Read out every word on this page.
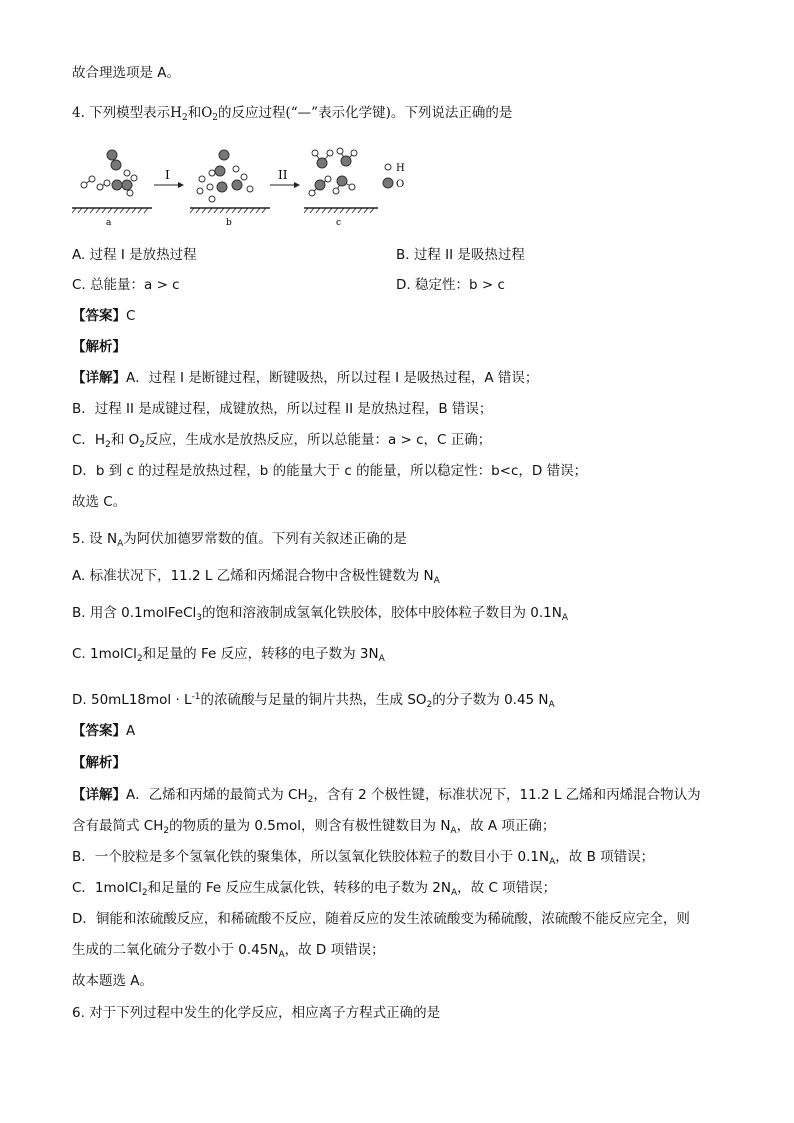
故合理选项是 A。
4. 下列模型表示$H_2$和$O_2$的反应过程(“—”表示化学键)。下列说法正确的是
a
I
b
II
c
H
O
A. 过程 I 是放热过程	B. 过程 II 是吸热过程
C. 总能量：a > c	D. 稳定性：b > c
【答案】C
【解析】
【详解】A．过程 I 是断键过程，断键吸热，所以过程 I 是吸热过程，A 错误；
B．过程 II 是成键过程，成键放热，所以过程 II 是放热过程，B 错误；
C．$H_2$和 $O_2$反应，生成水是放热反应，所以总能量：a > c，C 正确；
D．b 到 c 的过程是放热过程，b 的能量大于 c 的能量，所以稳定性：b<c，D 错误；
故选 C。
5. 设 $N_A$为阿伏加德罗常数的值。下列有关叙述正确的是
A. 标准状况下，11.2 L 乙烯和丙烯混合物中含极性键数为 $N_A$
B. 用含 0.1molFeCl$_3$的饱和溶液制成氢氧化铁胶体，胶体中胶体粒子数目为 $0.1N_A$
C. 1molCl$_2$和足量的 Fe 反应，转移的电子数为 $3N_A$
D. $50mL18mol \cdot L^{-1}$的浓硫酸与足量的铜片共热，生成 $SO_2$的分子数为 0.45 $N_A$
【答案】A
【解析】
【详解】A．乙烯和丙烯的最简式为 $CH_2$，含有 2 个极性键，标准状况下，11.2 L 乙烯和丙烯混合物认为
含有最简式 $CH_2$的物质的量为 0.5mol，则含有极性键数目为 $N_A$，故 A 项正确；
B．一个胶粒是多个氢氧化铁的聚集体，所以氢氧化铁胶体粒子的数目小于 $0.1N_A$，故 B 项错误；
C．1molCl$_2$和足量的 Fe 反应生成氯化铁，转移的电子数为 $2N_A$，故 C 项错误；
D．铜能和浓硫酸反应，和稀硫酸不反应，随着反应的发生浓硫酸变为稀硫酸，浓硫酸不能反应完全，则
生成的二氧化硫分子数小于 $0.45N_A$，故 D 项错误；
故本题选 A。
6. 对于下列过程中发生的化学反应，相应离子方程式正确的是
